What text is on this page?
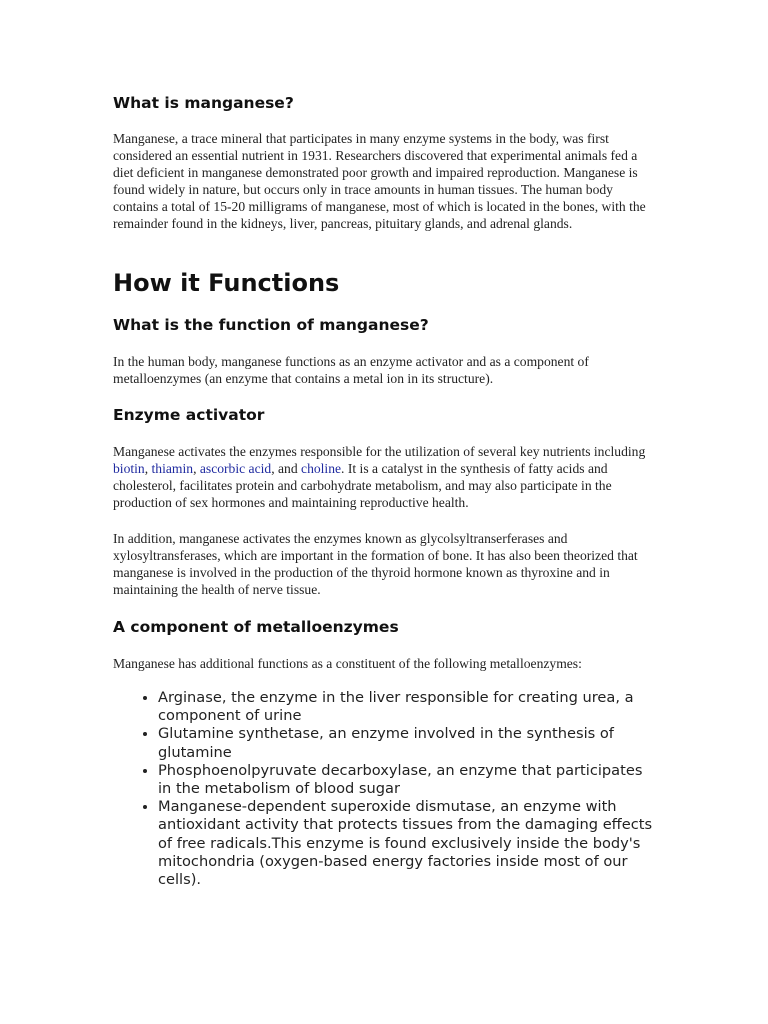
What is manganese?

Manganese, a trace mineral that participates in many enzyme systems in the body, was first considered an essential nutrient in 1931. Researchers discovered that experimental animals fed a diet deficient in manganese demonstrated poor growth and impaired reproduction. Manganese is found widely in nature, but occurs only in trace amounts in human tissues. The human body contains a total of 15-20 milligrams of manganese, most of which is located in the bones, with the remainder found in the kidneys, liver, pancreas, pituitary glands, and adrenal glands.

How it Functions
What is the function of manganese?

In the human body, manganese functions as an enzyme activator and as a component of metalloenzymes (an enzyme that contains a metal ion in its structure).

Enzyme activator

Manganese activates the enzymes responsible for the utilization of several key nutrients including biotin, thiamin, ascorbic acid, and choline. It is a catalyst in the synthesis of fatty acids and cholesterol, facilitates protein and carbohydrate metabolism, and may also participate in the production of sex hormones and maintaining reproductive health.

In addition, manganese activates the enzymes known as glycolsyltranserferases and xylosyltransferases, which are important in the formation of bone. It has also been theorized that manganese is involved in the production of the thyroid hormone known as thyroxine and in maintaining the health of nerve tissue.

A component of metalloenzymes

Manganese has additional functions as a constituent of the following metalloenzymes:

• Arginase, the enzyme in the liver responsible for creating urea, a component of urine
• Glutamine synthetase, an enzyme involved in the synthesis of glutamine
• Phosphoenolpyruvate decarboxylase, an enzyme that participates in the metabolism of blood sugar
• Manganese-dependent superoxide dismutase, an enzyme with antioxidant activity that protects tissues from the damaging effects of free radicals.This enzyme is found exclusively inside the body's mitochondria (oxygen-based energy factories inside most of our cells).
